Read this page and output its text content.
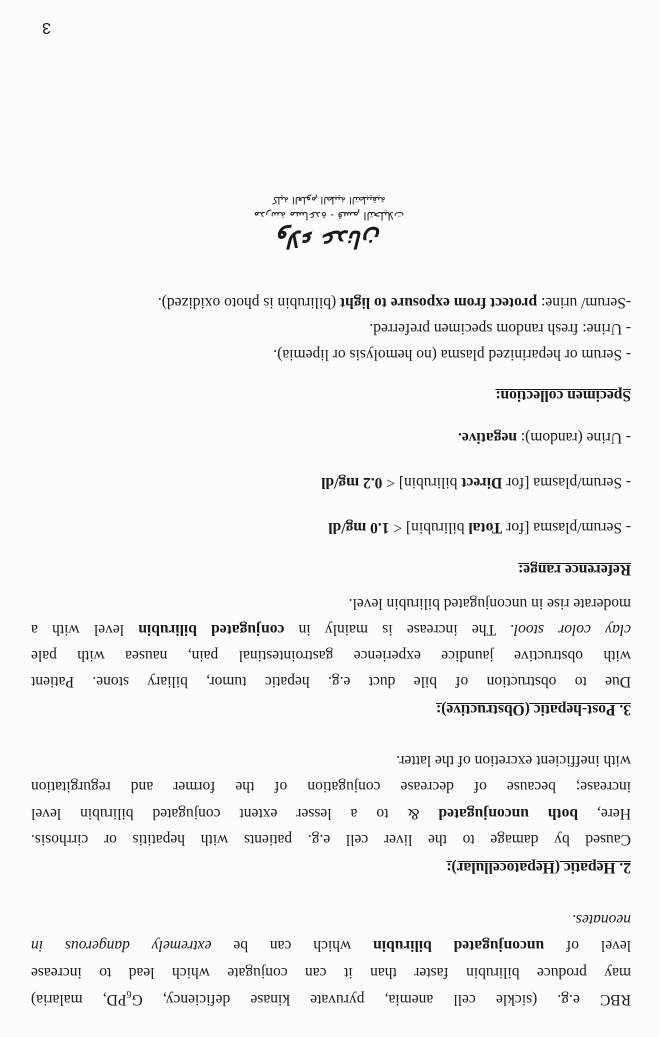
RBC e.g. (sickle cell anemia, pyruvate kinase deficiency, $G_6PD$, malaria)
may produce bilirubin faster than it can conjugate which lead to increase
level of unconjugated bilirubin which can be extremely dangerous in
neonates.
2. Hepatic (Hepatocellular):
Caused by damage to the liver cell e.g. patients with hepatitis or cirrhosis.
Here, both unconjugated & to a lesser extent conjugated bilirubin level
increase; because of decrease conjugation of the former and regurgitation
with inefficient excretion of the latter.
3. Post-hepatic (Obstructive):
Due to obstruction of bile duct e.g. hepatic tumor, biliary stone. Patient
with obstructive jaundice experience gastrointestinal pain, nausea with pale
clay color stool. The increase is mainly in conjugated bilirubin level with a
moderate rise in unconjugated bilirubin level.
Reference range:
- Serum/plasma [for Total bilirubin] < 1.0 mg/dl
- Serum/plasma [for Direct bilirubin] < 0.2 mg/dl
- Urine (random): negative.
Specimen collection:
- Serum or heparinized plasma (no hemolysis or lipemia).
- Urine: fresh random specimen preferred.
-Serum/ urine: protect from exposure to light (bilirubin is photo oxidized).
ولاء عدنان
مدرسة مساعدة - قسم التحليلات
كلية العلوم الطبية التطبيقية
3
